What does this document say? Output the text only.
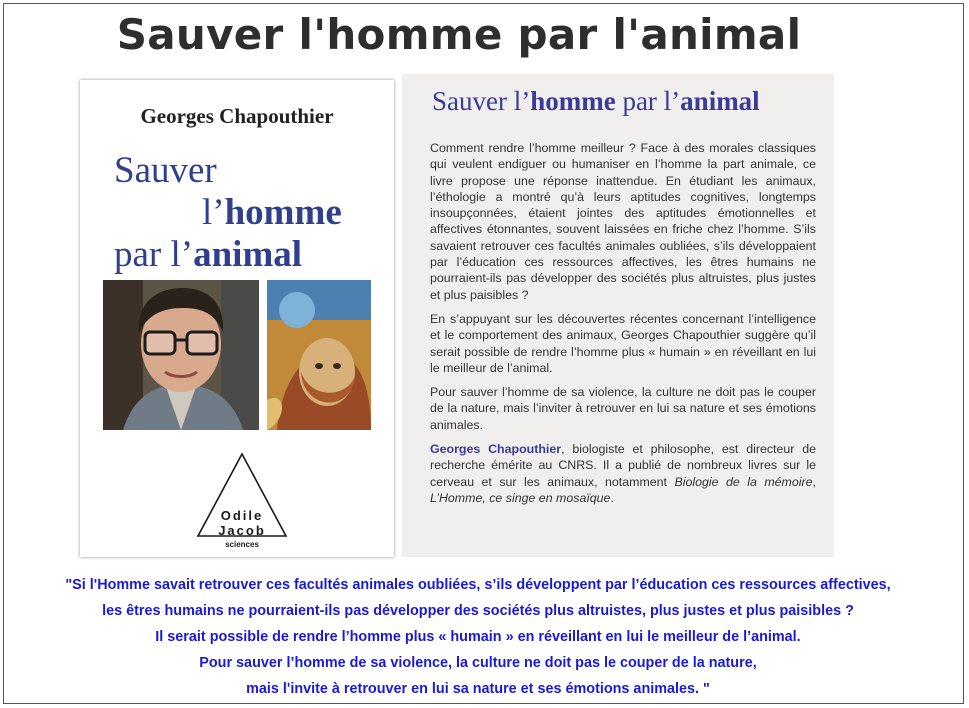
Sauver l'homme par l'animal
Georges Chapouthier
Sauver
l’homme
par l’animal
Odile
Jacob
sciences
Sauver l’homme par l’animal

Comment rendre l’homme meilleur ? Face à des morales classiques qui veulent endiguer ou humaniser en l’homme la part animale, ce livre propose une réponse inattendue. En étudiant les animaux, l’éthologie a montré qu’à leurs aptitudes cognitives, longtemps insoupçonnées, étaient jointes des aptitudes émotionnelles et affectives étonnantes, souvent laissées en friche chez l’homme. S’ils savaient retrouver ces facultés animales oubliées, s’ils développaient par l’éducation ces ressources affectives, les êtres humains ne pourraient-ils pas développer des sociétés plus altruistes, plus justes et plus paisibles ?

En s’appuyant sur les découvertes récentes concernant l’intelligence et le comportement des animaux, Georges Chapouthier suggère qu’il serait possible de rendre l’homme plus « humain » en réveillant en lui le meilleur de l’animal.

Pour sauver l’homme de sa violence, la culture ne doit pas le couper de la nature, mais l’inviter à retrouver en lui sa nature et ses émotions animales.

Georges Chapouthier, biologiste et philosophe, est directeur de recherche émérite au CNRS. Il a publié de nombreux livres sur le cerveau et sur les animaux, notamment Biologie de la mémoire, L’Homme, ce singe en mosaïque.

"Si l'Homme savait retrouver ces facultés animales oubliées, s’ils développent par l’éducation ces ressources affectives,
les êtres humains ne pourraient-ils pas développer des sociétés plus altruistes, plus justes et plus paisibles ?
Il serait possible de rendre l’homme plus « humain » en réveillant en lui le meilleur de l’animal.
Pour sauver l’homme de sa violence, la culture ne doit pas le couper de la nature,
mais l'invite à retrouver en lui sa nature et ses émotions animales. "
